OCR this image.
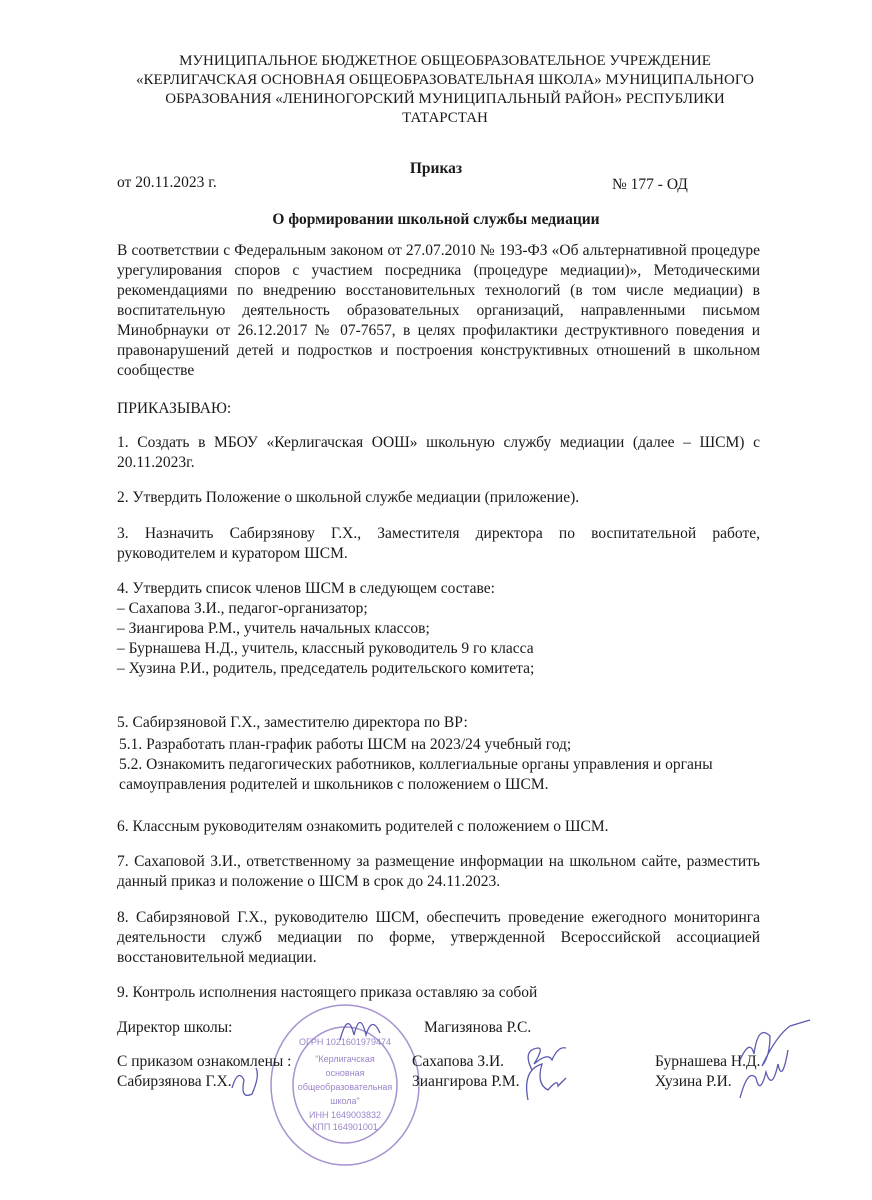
МУНИЦИПАЛЬНОЕ БЮДЖЕТНОЕ ОБЩЕОБРАЗОВАТЕЛЬНОЕ УЧРЕЖДЕНИЕ
«КЕРЛИГАЧСКАЯ ОСНОВНАЯ ОБЩЕОБРАЗОВАТЕЛЬНАЯ ШКОЛА» МУНИЦИПАЛЬНОГО
ОБРАЗОВАНИЯ «ЛЕНИНОГОРСКИЙ МУНИЦИПАЛЬНЫЙ РАЙОН» РЕСПУБЛИКИ
ТАТАРСТАН
Приказ
от 20.11.2023 г.	№ 177 - ОД
О формировании школьной службы медиации

В соответствии с Федеральным законом от 27.07.2010 № 193-ФЗ «Об альтернативной процедуре урегулирования споров с участием посредника (процедуре медиации)», Методическими рекомендациями по внедрению восстановительных технологий (в том числе медиации) в воспитательную деятельность образовательных организаций, направленными письмом Минобрнауки от 26.12.2017 № 07-7657, в целях профилактики деструктивного поведения и правонарушений детей и подростков и построения конструктивных отношений в школьном сообществе

ПРИКАЗЫВАЮ:

1. Создать в МБОУ «Керлигачская ООШ» школьную службу медиации (далее – ШСМ) с 20.11.2023г.

2. Утвердить Положение о школьной службе медиации (приложение).

3. Назначить Сабирзянову Г.Х., Заместителя директора по воспитательной работе, руководителем и куратором ШСМ.

4. Утвердить список членов ШСМ в следующем составе:

– Сахапова З.И., педагог-организатор;

– Зиангирова Р.М., учитель начальных классов;

– Бурнашева Н.Д., учитель, классный руководитель 9 го класса

– Хузина Р.И., родитель, председатель родительского комитета;

5. Сабирзяновой Г.Х., заместителю директора по ВР:

5.1. Разработать план-график работы ШСМ на 2023/24 учебный год;

5.2. Ознакомить педагогических работников, коллегиальные органы управления и органы самоуправления родителей и школьников с положением о ШСМ.

6. Классным руководителям ознакомить родителей с положением о ШСМ.

7. Сахаповой З.И., ответственному за размещение информации на школьном сайте, разместить данный приказ и положение о ШСМ в срок до 24.11.2023.

8. Сабирзяновой Г.Х., руководителю ШСМ, обеспечить проведение ежегодного мониторинга деятельности служб медиации по форме, утвержденной Всероссийской ассоциацией восстановительной медиации.

9. Контроль исполнения настоящего приказа оставляю за собой

ОГРН 1021601979474
"Керлигачская
основная
общеобразовательная
школа"
ИНН 1649003832
КПП 164901001
Директор школы:	Магизянова Р.С.
С приказом ознакомлены :
Сабирзянова Г.Х.
Сахапова З.И.
Зиангирова Р.М.
Бурнашева Н.Д.
Хузина Р.И.
